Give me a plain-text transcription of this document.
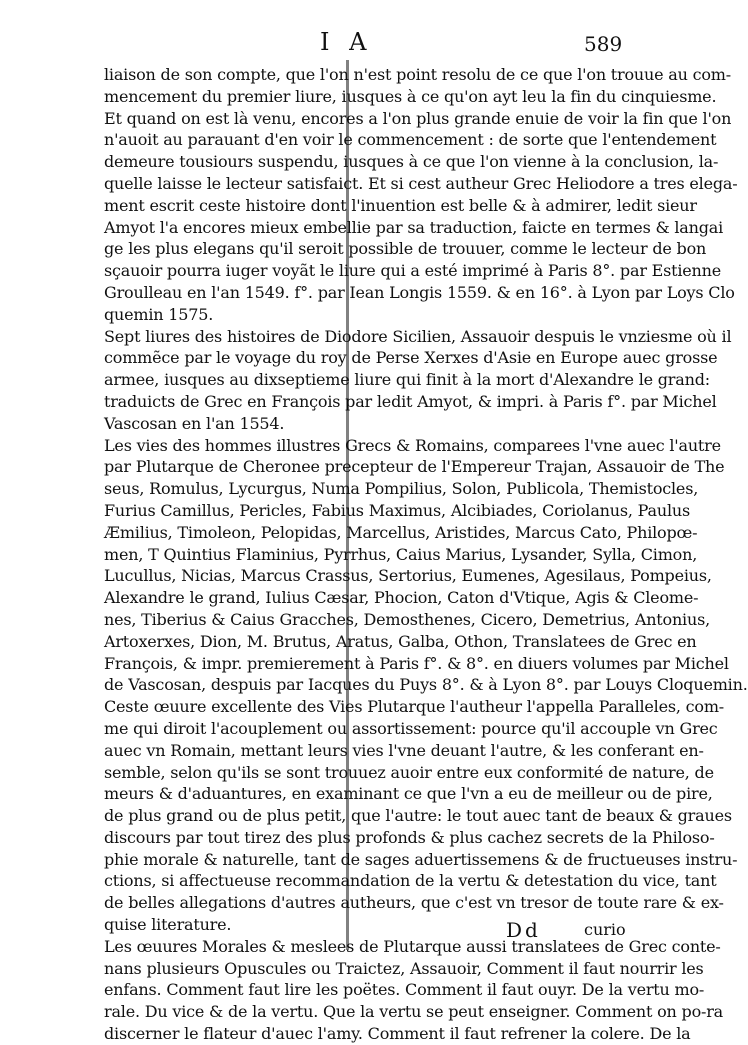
I A	589
liaison de son compte, que l'on n'est point resolu de ce que l'on trouue au com-
mencement du premier liure, iusques à ce qu'on ayt leu la fin du cinquiesme.
Et quand on est là venu, encores a l'on plus grande enuie de voir la fin que l'on
n'auoit au parauant d'en voir le commencement : de sorte que l'entendement
demeure tousiours suspendu, iusques à ce que l'on vienne à la conclusion, la-
quelle laisse le lecteur satisfaict. Et si cest autheur Grec Heliodore a tres elega-
ment escrit ceste histoire dont l'inuention est belle & à admirer, ledit sieur
Amyot l'a encores mieux embellie par sa traduction, faicte en termes & langai
ge les plus elegans qu'il seroit possible de trouuer, comme le lecteur de bon
sçauoir pourra iuger voyãt le liure qui a esté imprimé à Paris 8°. par Estienne
Groulleau en l'an 1549. f°. par Iean Longis 1559. & en 16°. à Lyon par Loys Clo
quemin 1575.
Sept liures des histoires de Diodore Sicilien, Assauoir despuis le vnziesme où il
commẽce par le voyage du roy de Perse Xerxes d'Asie en Europe auec grosse
armee, iusques au dixseptieme liure qui finit à la mort d'Alexandre le grand:
traduicts de Grec en François par ledit Amyot, & impri. à Paris f°. par Michel
Vascosan en l'an 1554.
Les vies des hommes illustres Grecs & Romains, comparees l'vne auec l'autre
par Plutarque de Cheronee precepteur de l'Empereur Trajan, Assauoir de The
seus, Romulus, Lycurgus, Numa Pompilius, Solon, Publicola, Themistocles,
Furius Camillus, Pericles, Fabius Maximus, Alcibiades, Coriolanus, Paulus
Æmilius, Timoleon, Pelopidas, Marcellus, Aristides, Marcus Cato, Philopœ-
men, T Quintius Flaminius, Pyrrhus, Caius Marius, Lysander, Sylla, Cimon,
Lucullus, Nicias, Marcus Crassus, Sertorius, Eumenes, Agesilaus, Pompeius,
Alexandre le grand, Iulius Cæsar, Phocion, Caton d'Vtique, Agis & Cleome-
nes, Tiberius & Caius Gracches, Demosthenes, Cicero, Demetrius, Antonius,
Artoxerxes, Dion, M. Brutus, Aratus, Galba, Othon, Translatees de Grec en
François, & impr. premierement à Paris f°. & 8°. en diuers volumes par Michel
de Vascosan, despuis par Iacques du Puys 8°. & à Lyon 8°. par Louys Cloquemin.
Ceste œuure excellente des Vies Plutarque l'autheur l'appella Paralleles, com-
me qui diroit l'acouplement ou assortissement: pource qu'il accouple vn Grec
auec vn Romain, mettant leurs vies l'vne deuant l'autre, & les conferant en-
semble, selon qu'ils se sont trouuez auoir entre eux conformité de nature, de
meurs & d'aduantures, en examinant ce que l'vn a eu de meilleur ou de pire,
de plus grand ou de plus petit, que l'autre: le tout auec tant de beaux & graues
discours par tout tirez des plus profonds & plus cachez secrets de la Philoso-
phie morale & naturelle, tant de sages aduertissemens & de fructueuses instru-
ctions, si affectueuse recommandation de la vertu & detestation du vice, tant
de belles allegations d'autres autheurs, que c'est vn tresor de toute rare & ex-
quise literature.
Les œuures Morales & meslees de Plutarque aussi translatees de Grec conte-
nans plusieurs Opuscules ou Traictez, Assauoir, Comment il faut nourrir les
enfans. Comment faut lire les poëtes. Comment il faut ouyr. De la vertu mo-
rale. Du vice & de la vertu. Que la vertu se peut enseigner. Comment on po-ra
discerner le flateur d'auec l'amy. Comment il faut refrener la colere. De la
Dd	curio
